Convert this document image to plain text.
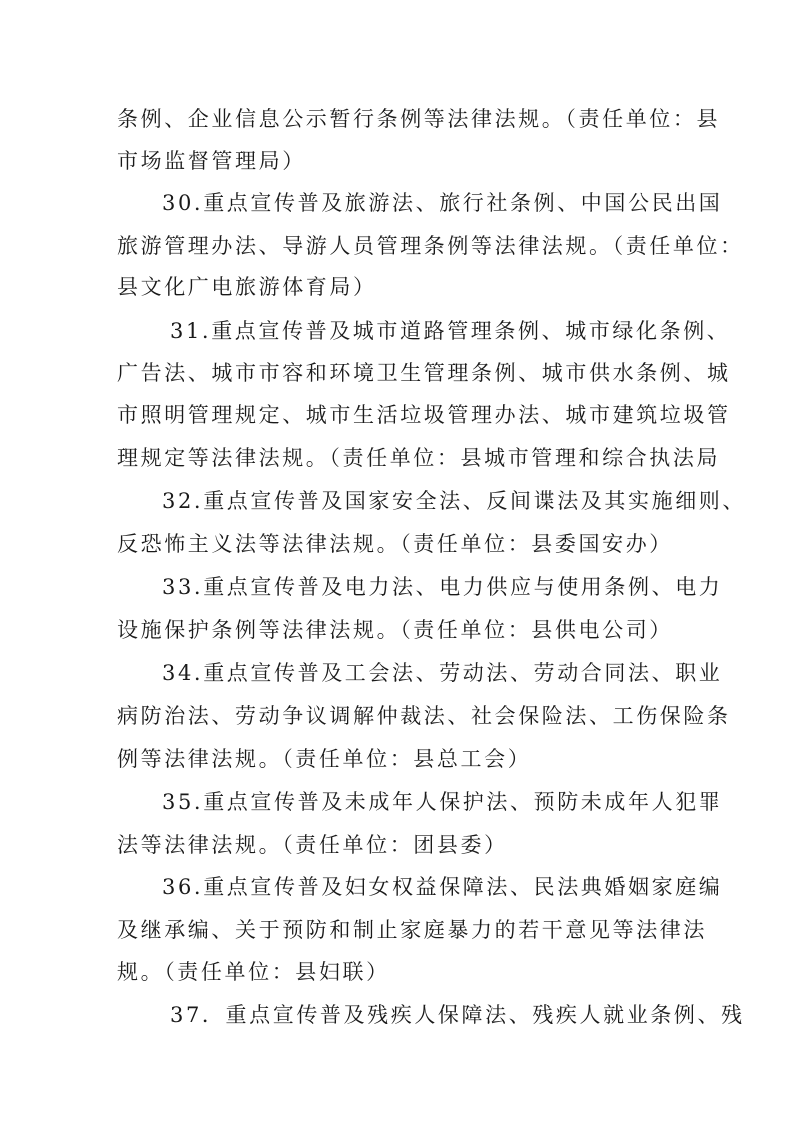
条例、企业信息公示暂行条例等法律法规。（责任单位：县
市场监督管理局）
30.重点宣传普及旅游法、旅行社条例、中国公民出国
旅游管理办法、导游人员管理条例等法律法规。（责任单位：
县文化广电旅游体育局）
31.重点宣传普及城市道路管理条例、城市绿化条例、
广告法、城市市容和环境卫生管理条例、城市供水条例、城
市照明管理规定、城市生活垃圾管理办法、城市建筑垃圾管
理规定等法律法规。（责任单位：县城市管理和综合执法局
32.重点宣传普及国家安全法、反间谍法及其实施细则、
反恐怖主义法等法律法规。（责任单位：县委国安办）
33.重点宣传普及电力法、电力供应与使用条例、电力
设施保护条例等法律法规。（责任单位：县供电公司）
34.重点宣传普及工会法、劳动法、劳动合同法、职业
病防治法、劳动争议调解仲裁法、社会保险法、工伤保险条
例等法律法规。（责任单位：县总工会）
35.重点宣传普及未成年人保护法、预防未成年人犯罪
法等法律法规。（责任单位：团县委）
36.重点宣传普及妇女权益保障法、民法典婚姻家庭编
及继承编、关于预防和制止家庭暴力的若干意见等法律法
规。（责任单位：县妇联）
37．重点宣传普及残疾人保障法、残疾人就业条例、残
